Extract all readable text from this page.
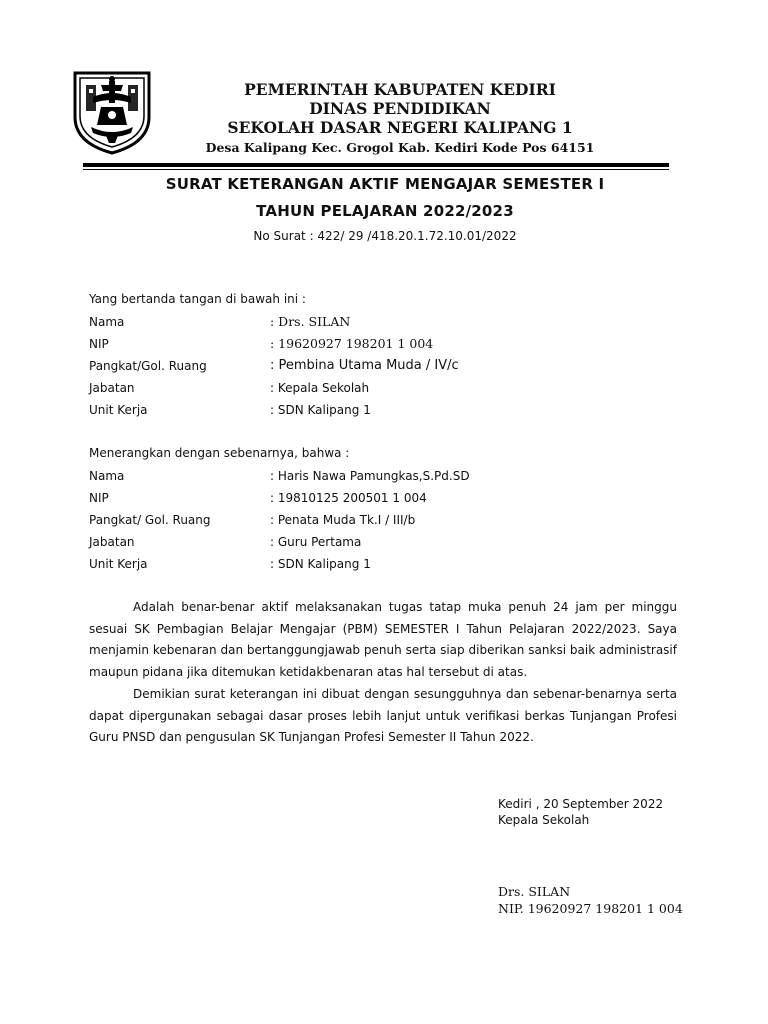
PEMERINTAH KABUPATEN KEDIRI
DINAS PENDIDIKAN
SEKOLAH DASAR NEGERI KALIPANG 1
Desa Kalipang Kec. Grogol Kab. Kediri Kode Pos 64151
SURAT KETERANGAN AKTIF MENGAJAR SEMESTER I
TAHUN PELAJARAN 2022/2023
No Surat : 422/ 29 /418.20.1.72.10.01/2022
Yang bertanda tangan di bawah ini :
Nama	: Drs. SILAN
NIP	: 19620927 198201 1 004
Pangkat/Gol. Ruang	: Pembina Utama Muda / IV/c
Jabatan	: Kepala Sekolah
Unit Kerja	: SDN Kalipang 1
Menerangkan dengan sebenarnya, bahwa :
Nama	: Haris Nawa Pamungkas,S.Pd.SD
NIP	: 19810125 200501 1 004
Pangkat/ Gol. Ruang	: Penata Muda Tk.I / III/b
Jabatan	: Guru Pertama
Unit Kerja	: SDN Kalipang 1

Adalah benar-benar aktif melaksanakan tugas tatap muka penuh 24 jam per minggu sesuai SK Pembagian Belajar Mengajar (PBM) SEMESTER I Tahun Pelajaran 2022/2023. Saya menjamin kebenaran dan bertanggungjawab penuh serta siap diberikan sanksi baik administrasif maupun pidana jika ditemukan ketidakbenaran atas hal tersebut di atas.

Demikian surat keterangan ini dibuat dengan sesungguhnya dan sebenar-benarnya serta dapat dipergunakan sebagai dasar proses lebih lanjut untuk verifikasi berkas Tunjangan Profesi Guru PNSD dan pengusulan SK Tunjangan Profesi Semester II Tahun 2022.

Kediri , 20 September 2022
Kepala Sekolah
Drs. SILAN
NIP. 19620927 198201 1 004
